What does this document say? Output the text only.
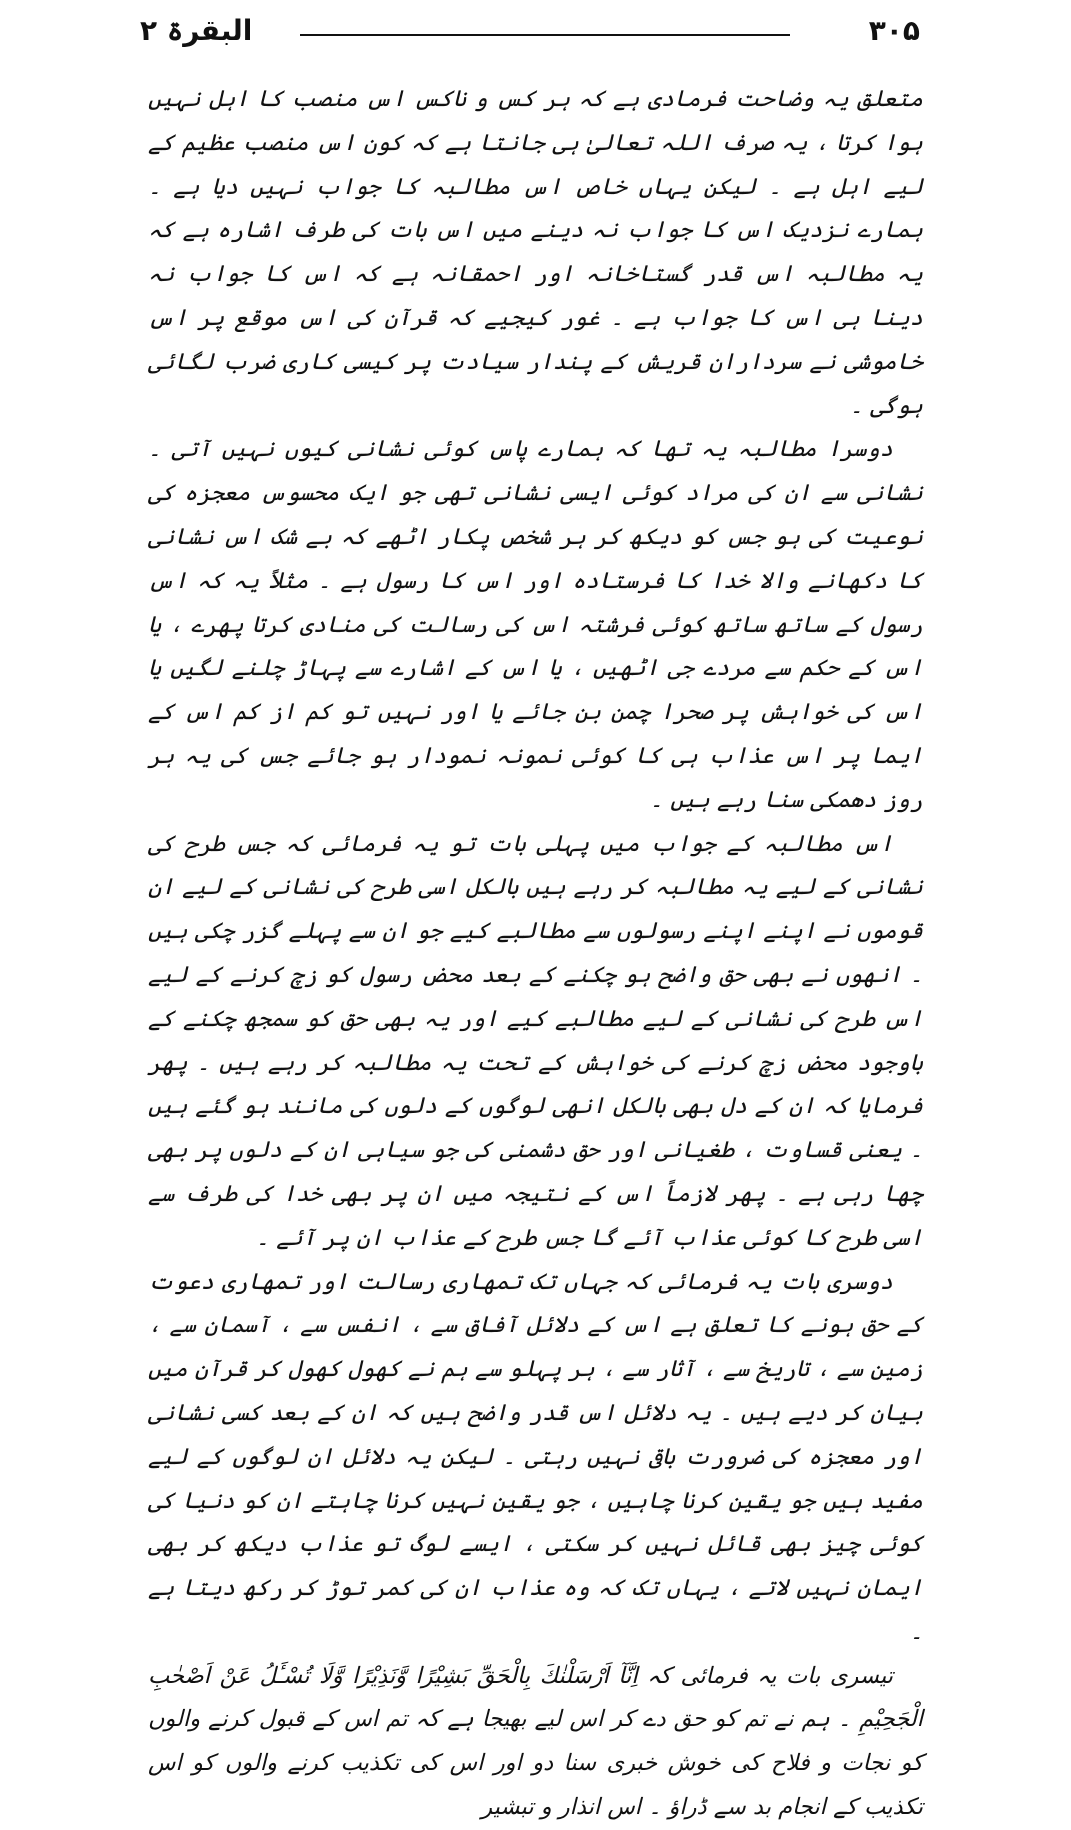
۳۰۵
البقرۃ ۲

متعلق یہ وضاحت فرمادی ہے کہ ہر کس و ناکس اس منصب کا اہل نہیں ہوا کرتا ، یہ صرف اللہ تعالیٰ ہی جانتا ہے کہ کون اس منصب عظیم کے لیے اہل ہے ۔ لیکن یہاں خاص اس مطالبہ کا جواب نہیں دیا ہے ۔ ہمارے نزدیک اس کا جواب نہ دینے میں اس بات کی طرف اشارہ ہے کہ یہ مطالبہ اس قدر گستاخانہ اور احمقانہ ہے کہ اس کا جواب نہ دینا ہی اس کا جواب ہے ۔ غور کیجیے کہ قرآن کی اس موقع پر اس خاموشی نے سرداران قریش کے پندار سیادت پر کیسی کاری ضرب لگائی ہوگی ۔

دوسرا مطالبہ یہ تھا کہ ہمارے پاس کوئی نشانی کیوں نہیں آتی ۔ نشانی سے ان کی مراد کوئی ایسی نشانی تھی جو ایک محسوس معجزہ کی نوعیت کی ہو جس کو دیکھ کر ہر شخص پکار اٹھے کہ بے شک اس نشانی کا دکھانے والا خدا کا فرستادہ اور اس کا رسول ہے ۔ مثلاً یہ کہ اس رسول کے ساتھ ساتھ کوئی فرشتہ اس کی رسالت کی منادی کرتا پھرے ، یا اس کے حکم سے مردے جی اٹھیں ، یا اس کے اشارے سے پہاڑ چلنے لگیں یا اس کی خواہش پر صحرا چمن بن جائے یا اور نہیں تو کم از کم اس کے ایما پر اس عذاب ہی کا کوئی نمونہ نمودار ہو جائے جس کی یہ ہر روز دھمکی سنا رہے ہیں ۔

اس مطالبہ کے جواب میں پہلی بات تو یہ فرمائی کہ جس طرح کی نشانی کے لیے یہ مطالبہ کر رہے ہیں بالکل اسی طرح کی نشانی کے لیے ان قوموں نے اپنے اپنے رسولوں سے مطالبے کیے جو ان سے پہلے گزر چکی ہیں ۔ انھوں نے بھی حق واضح ہو چکنے کے بعد محض رسول کو زچ کرنے کے لیے اس طرح کی نشانی کے لیے مطالبے کیے اور یہ بھی حق کو سمجھ چکنے کے باوجود محض زچ کرنے کی خواہش کے تحت یہ مطالبہ کر رہے ہیں ۔ پھر فرمایا کہ ان کے دل بھی بالکل انھی لوگوں کے دلوں کی مانند ہو گئے ہیں ۔ یعنی قساوت ، طغیانی اور حق دشمنی کی جو سیاہی ان کے دلوں پر بھی چھا رہی ہے ۔ پھر لازماً اس کے نتیجہ میں ان پر بھی خدا کی طرف سے اسی طرح کا کوئی عذاب آئے گا جس طرح کے عذاب ان پر آئے ۔

دوسری بات یہ فرمائی کہ جہاں تک تمھاری رسالت اور تمھاری دعوت کے حق ہونے کا تعلق ہے اس کے دلائل آفاق سے ، انفس سے ، آسمان سے ، زمین سے ، تاریخ سے ، آثار سے ، ہر پہلو سے ہم نے کھول کھول کر قرآن میں بیان کر دیے ہیں ۔ یہ دلائل اس قدر واضح ہیں کہ ان کے بعد کسی نشانی اور معجزہ کی ضرورت باقی نہیں رہتی ۔ لیکن یہ دلائل ان لوگوں کے لیے مفید ہیں جو یقین کرنا چاہیں ، جو یقین نہیں کرنا چاہتے ان کو دنیا کی کوئی چیز بھی قائل نہیں کر سکتی ، ایسے لوگ تو عذاب دیکھ کر بھی ایمان نہیں لاتے ، یہاں تک کہ وہ عذاب ان کی کمر توڑ کر رکھ دیتا ہے ۔

تیسری بات یہ فرمائی کہ اِنَّآ اَرْسَلْنٰكَ بِالْحَقِّ بَشِيْرًا وَّنَذِيْرًا وَّلَا تُسْـَٔلُ عَنْ اَصْحٰبِ الْجَحِيْمِ ۔ ہم نے تم کو حق دے کر اس لیے بھیجا ہے کہ تم اس کے قبول کرنے والوں کو نجات و فلاح کی خوش خبری سنا دو اور اس کی تکذیب کرنے والوں کو اس تکذیب کے انجام بد سے ڈراؤ ۔ اس انذار و تبشیر
